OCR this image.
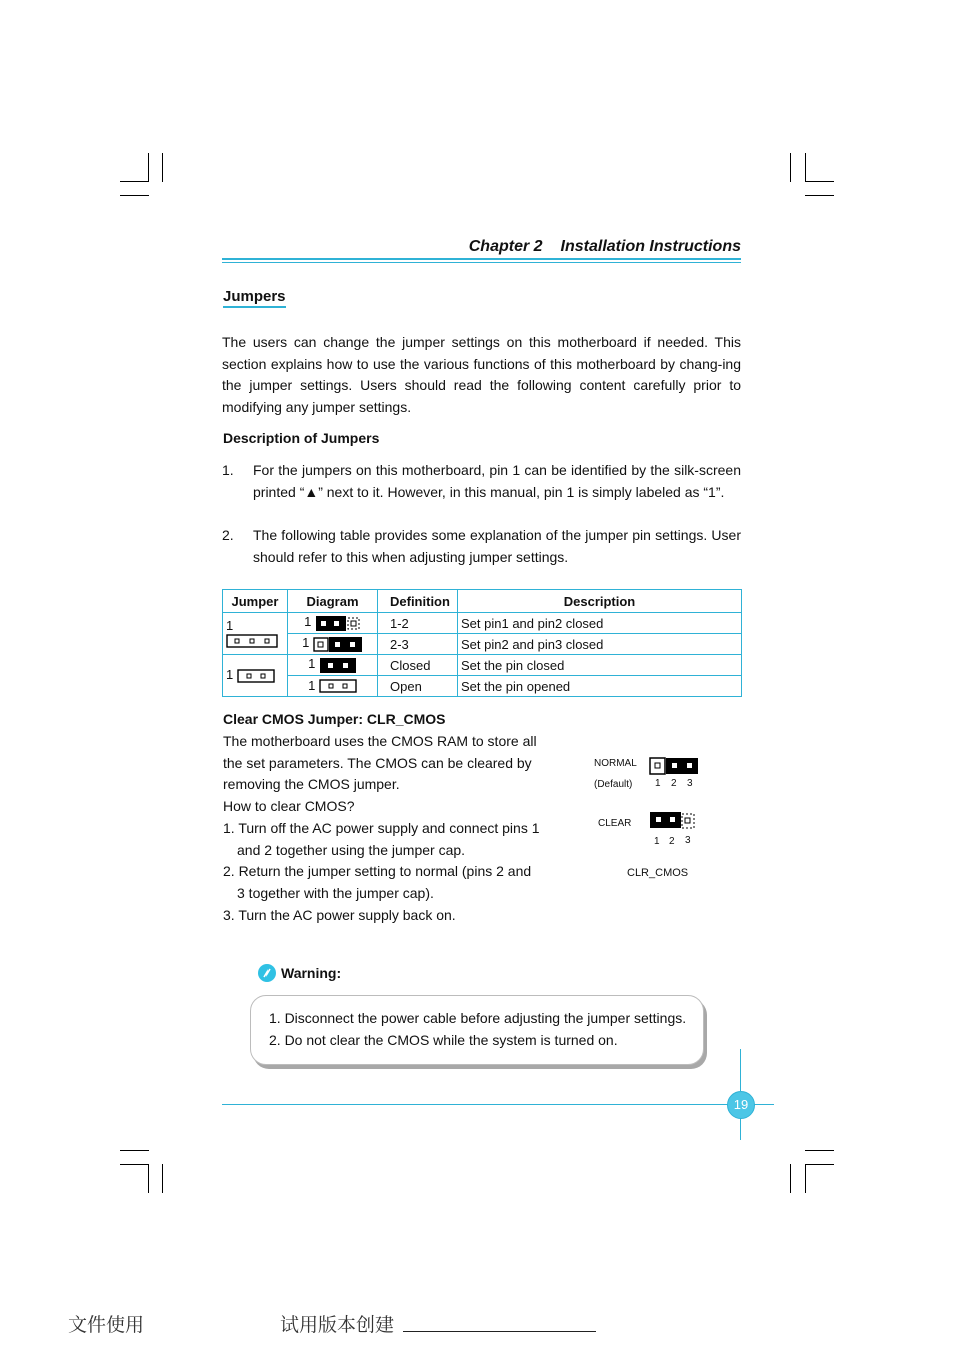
Chapter 2 Installation Instructions
Jumpers
The users can change the jumper settings on this motherboard if needed. This section explains how to use the various functions of this motherboard by chang-ing the jumper settings. Users should read the following content carefully prior to modifying any jumper settings.
Description of Jumpers
1. For the jumpers on this motherboard, pin 1 can be identified by the silk-screen printed “▲” next to it. However, in this manual, pin 1 is simply labeled as “1”.
2. The following table provides some explanation of the jumper pin settings. User should refer to this when adjusting jumper settings.
Jumper	Diagram	Definition	Description
1	1	1-2	Set pin1 and pin2 closed
	1	2-3	Set pin2 and pin3 closed
1	1	Closed	Set the pin closed
	1	Open	Set the pin opened
Clear CMOS Jumper: CLR_CMOS
The motherboard uses the CMOS RAM to store all
the set parameters. The CMOS can be cleared by
removing the CMOS jumper.
How to clear CMOS?
1. Turn off the AC power supply and connect pins 1
and 2 together using the jumper cap.
2. Return the jumper setting to normal (pins 2 and
3 together with the jumper cap).
3. Turn the AC power supply back on.
NORMAL
(Default) 1 2 3
CLEAR
1 2 3
CLR_CMOS
Warning:
1. Disconnect the power cable before adjusting the jumper settings.
2. Do not clear the CMOS while the system is turned on.
19
文件使用	试用版本创建
